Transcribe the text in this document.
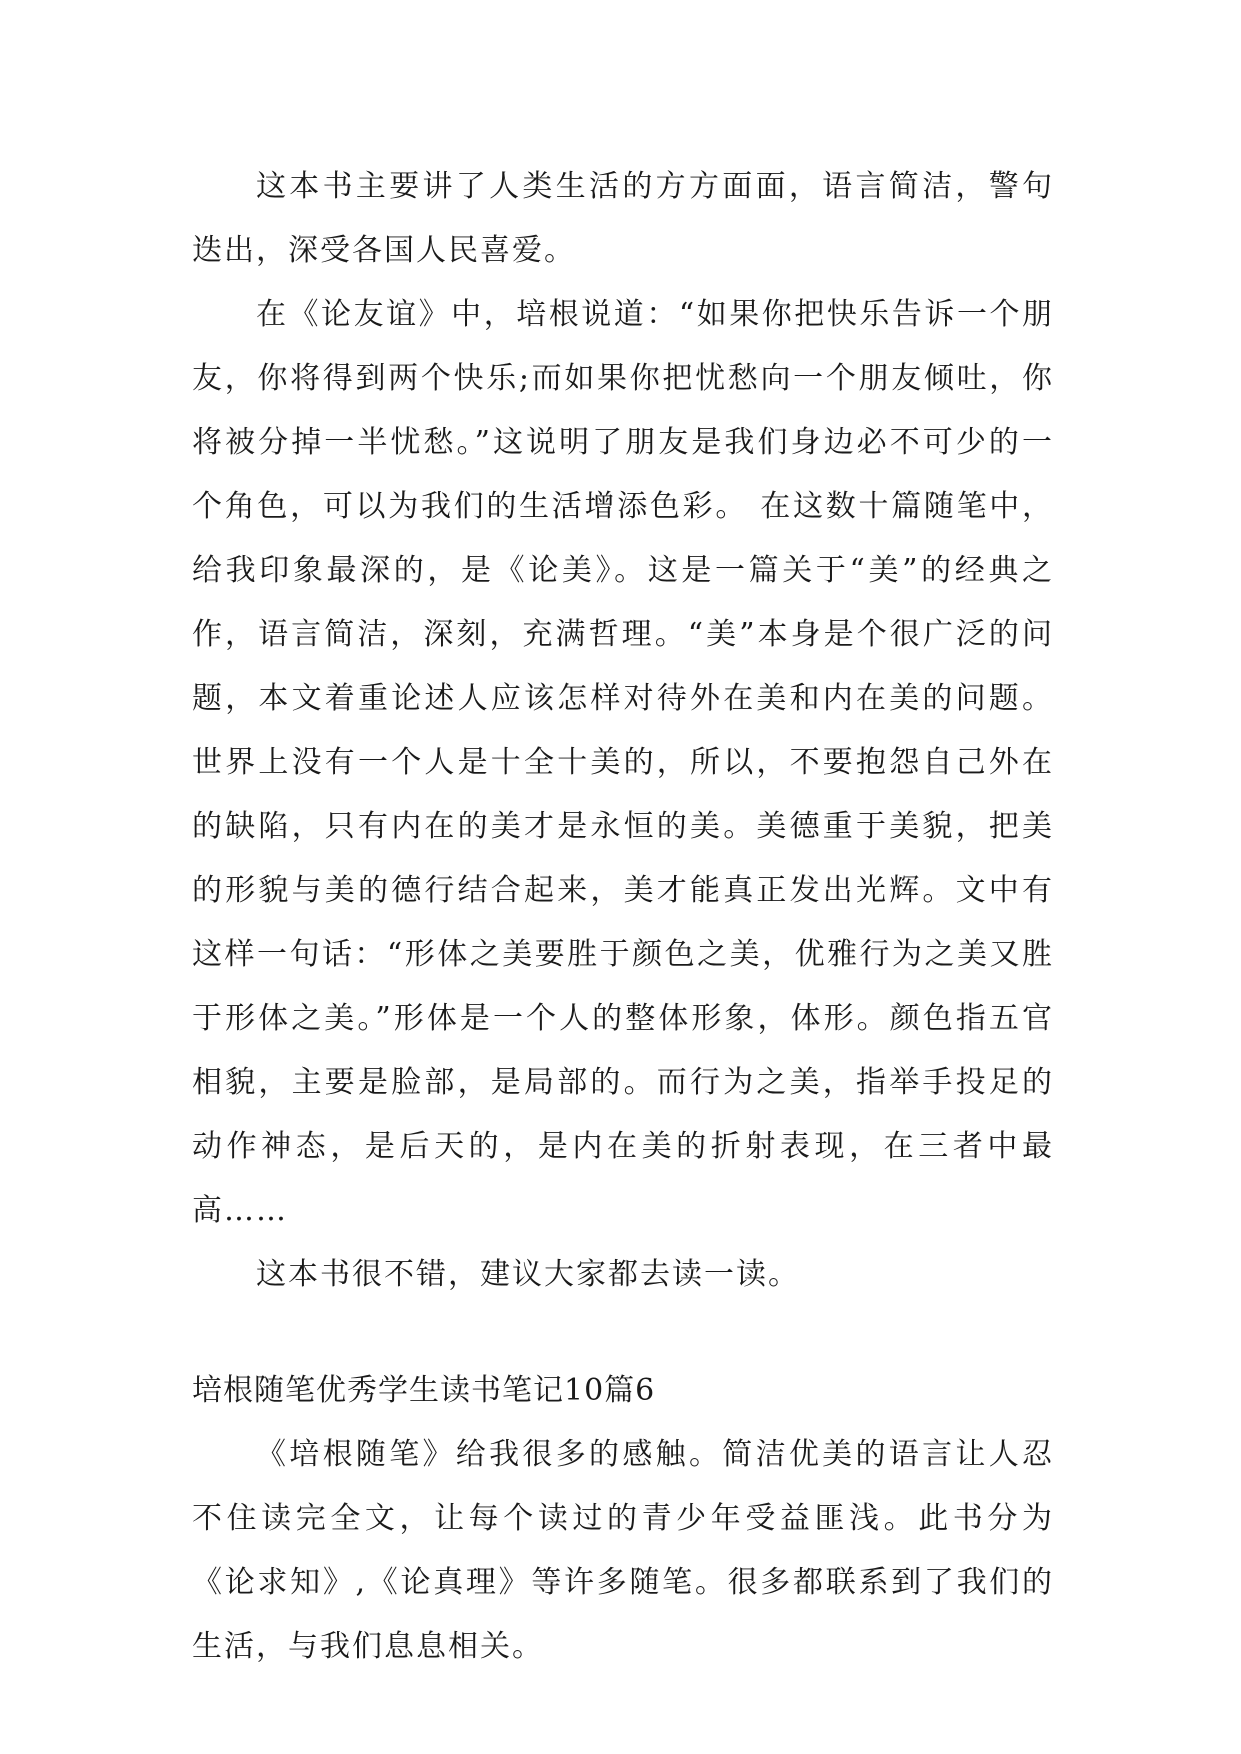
这本书主要讲了人类生活的方方面面，语言简洁，警句迭出，深受各国人民喜爱。

在《论友谊》中，培根说道：“如果你把快乐告诉一个朋友，你将得到两个快乐;而如果你把忧愁向一个朋友倾吐，你将被分掉一半忧愁。”这说明了朋友是我们身边必不可少的一个角色，可以为我们的生活增添色彩。 在这数十篇随笔中，给我印象最深的，是《论美》。这是一篇关于“美”的经典之作，语言简洁，深刻，充满哲理。“美”本身是个很广泛的问题，本文着重论述人应该怎样对待外在美和内在美的问题。世界上没有一个人是十全十美的，所以，不要抱怨自己外在的缺陷，只有内在的美才是永恒的美。美德重于美貌，把美的形貌与美的德行结合起来，美才能真正发出光辉。文中有这样一句话：“形体之美要胜于颜色之美，优雅行为之美又胜于形体之美。”形体是一个人的整体形象，体形。颜色指五官相貌，主要是脸部，是局部的。而行为之美，指举手投足的动作神态，是后天的，是内在美的折射表现，在三者中最高……

这本书很不错，建议大家都去读一读。

培根随笔优秀学生读书笔记10篇6

《培根随笔》给我很多的感触。简洁优美的语言让人忍不住读完全文，让每个读过的青少年受益匪浅。此书分为《论求知》,《论真理》等许多随笔。很多都联系到了我们的生活，与我们息息相关。
